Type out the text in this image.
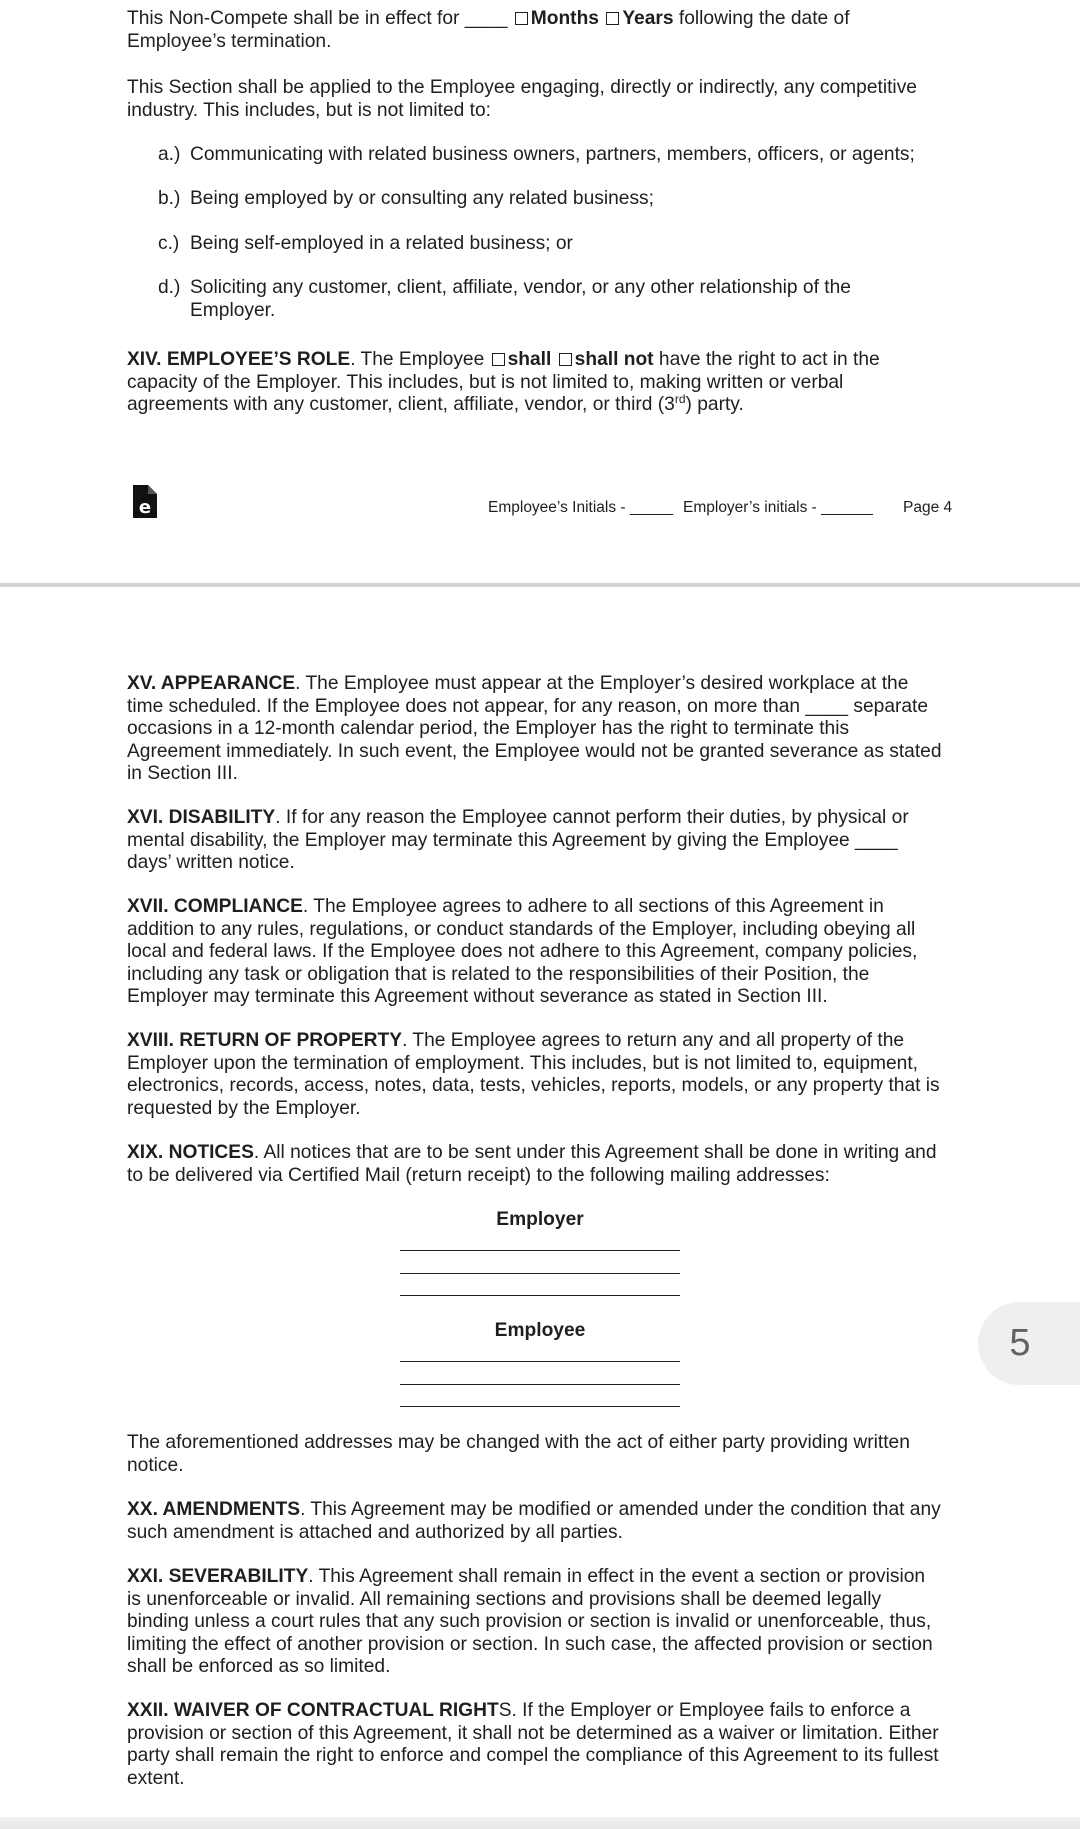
This Non-Compete shall be in effect for ____ Months Years following the date of
Employee’s termination.

This Section shall be applied to the Employee engaging, directly or indirectly, any competitive
industry. This includes, but is not limited to:

a.) Communicating with related business owners, partners, members, officers, or agents;
b.) Being employed by or consulting any related business;
c.) Being self-employed in a related business; or
d.) Soliciting any customer, client, affiliate, vendor, or any other relationship of the
Employer.

XIV. EMPLOYEE’S ROLE. The Employee shall shall not have the right to act in the
capacity of the Employer. This includes, but is not limited to, making written or verbal
agreements with any customer, client, affiliate, vendor, or third (3rd) party.

e	Employee’s Initials - _____ Employer’s initials - ______ Page 4

XV. APPEARANCE. The Employee must appear at the Employer’s desired workplace at the
time scheduled. If the Employee does not appear, for any reason, on more than ____ separate
occasions in a 12-month calendar period, the Employer has the right to terminate this
Agreement immediately. In such event, the Employee would not be granted severance as stated
in Section III.

XVI. DISABILITY. If for any reason the Employee cannot perform their duties, by physical or
mental disability, the Employer may terminate this Agreement by giving the Employee ____
days’ written notice.

XVII. COMPLIANCE. The Employee agrees to adhere to all sections of this Agreement in
addition to any rules, regulations, or conduct standards of the Employer, including obeying all
local and federal laws. If the Employee does not adhere to this Agreement, company policies,
including any task or obligation that is related to the responsibilities of their Position, the
Employer may terminate this Agreement without severance as stated in Section III.

XVIII. RETURN OF PROPERTY. The Employee agrees to return any and all property of the
Employer upon the termination of employment. This includes, but is not limited to, equipment,
electronics, records, access, notes, data, tests, vehicles, reports, models, or any property that is
requested by the Employer.

XIX. NOTICES. All notices that are to be sent under this Agreement shall be done in writing and
to be delivered via Certified Mail (return receipt) to the following mailing addresses:

Employer
Employee

The aforementioned addresses may be changed with the act of either party providing written
notice.

XX. AMENDMENTS. This Agreement may be modified or amended under the condition that any
such amendment is attached and authorized by all parties.

XXI. SEVERABILITY. This Agreement shall remain in effect in the event a section or provision
is unenforceable or invalid. All remaining sections and provisions shall be deemed legally
binding unless a court rules that any such provision or section is invalid or unenforceable, thus,
limiting the effect of another provision or section. In such case, the affected provision or section
shall be enforced as so limited.

XXII. WAIVER OF CONTRACTUAL RIGHTS. If the Employer or Employee fails to enforce a
provision or section of this Agreement, it shall not be determined as a waiver or limitation. Either
party shall remain the right to enforce and compel the compliance of this Agreement to its fullest
extent.

5
